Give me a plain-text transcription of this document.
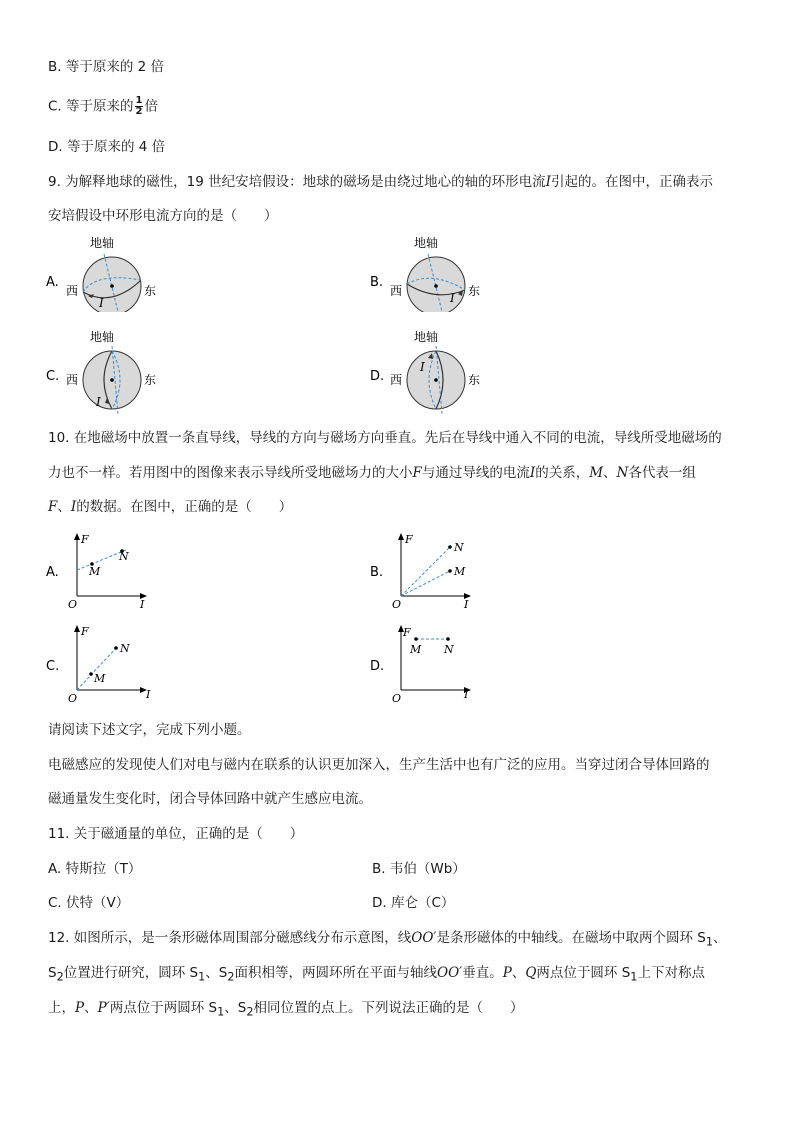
B. 等于原来的 2 倍
C. 等于原来的 $\frac{1}{2}$ 倍
D. 等于原来的 4 倍
9. 为解释地球的磁性，19 世纪安培假设：地球的磁场是由绕过地心的轴的环形电流I引起的。在图中，正确表示
安培假设中环形电流方向的是（　　）
A.
地轴
西	东
I
B.
地轴
西	东
I
C.
地轴
西	东
I
D.
地轴
西	东
I
10. 在地磁场中放置一条直导线，导线的方向与磁场方向垂直。先后在导线中通入不同的电流，导线所受地磁场的
力也不一样。若用图中的图像来表示导线所受地磁场力的大小F与通过导线的电流I的关系，M、N各代表一组
F、I的数据。在图中，正确的是（　　）
A.
F
O	I
M
N
B.
F
O	I
M
N
C.
F
O	I
M
N
D.
F
O	I
M N
请阅读下述文字，完成下列小题。
电磁感应的发现使人们对电与磁内在联系的认识更加深入，生产生活中也有广泛的应用。当穿过闭合导体回路的
磁通量发生变化时，闭合导体回路中就产生感应电流。
11. 关于磁通量的单位，正确的是（　　）
A. 特斯拉（T）	B. 韦伯（Wb）
C. 伏特（V）	D. 库仑（C）
12. 如图所示，是一条形磁体周围部分磁感线分布示意图，线OO′是条形磁体的中轴线。在磁场中取两个圆环 $S_1$、
$S_2$位置进行研究，圆环 $S_1$、$S_2$面积相等，两圆环所在平面与轴线OO′垂直。P、Q两点位于圆环 $S_1$上下对称点
上，P、P′两点位于两圆环 $S_1$、$S_2$相同位置的点上。下列说法正确的是（　　）
